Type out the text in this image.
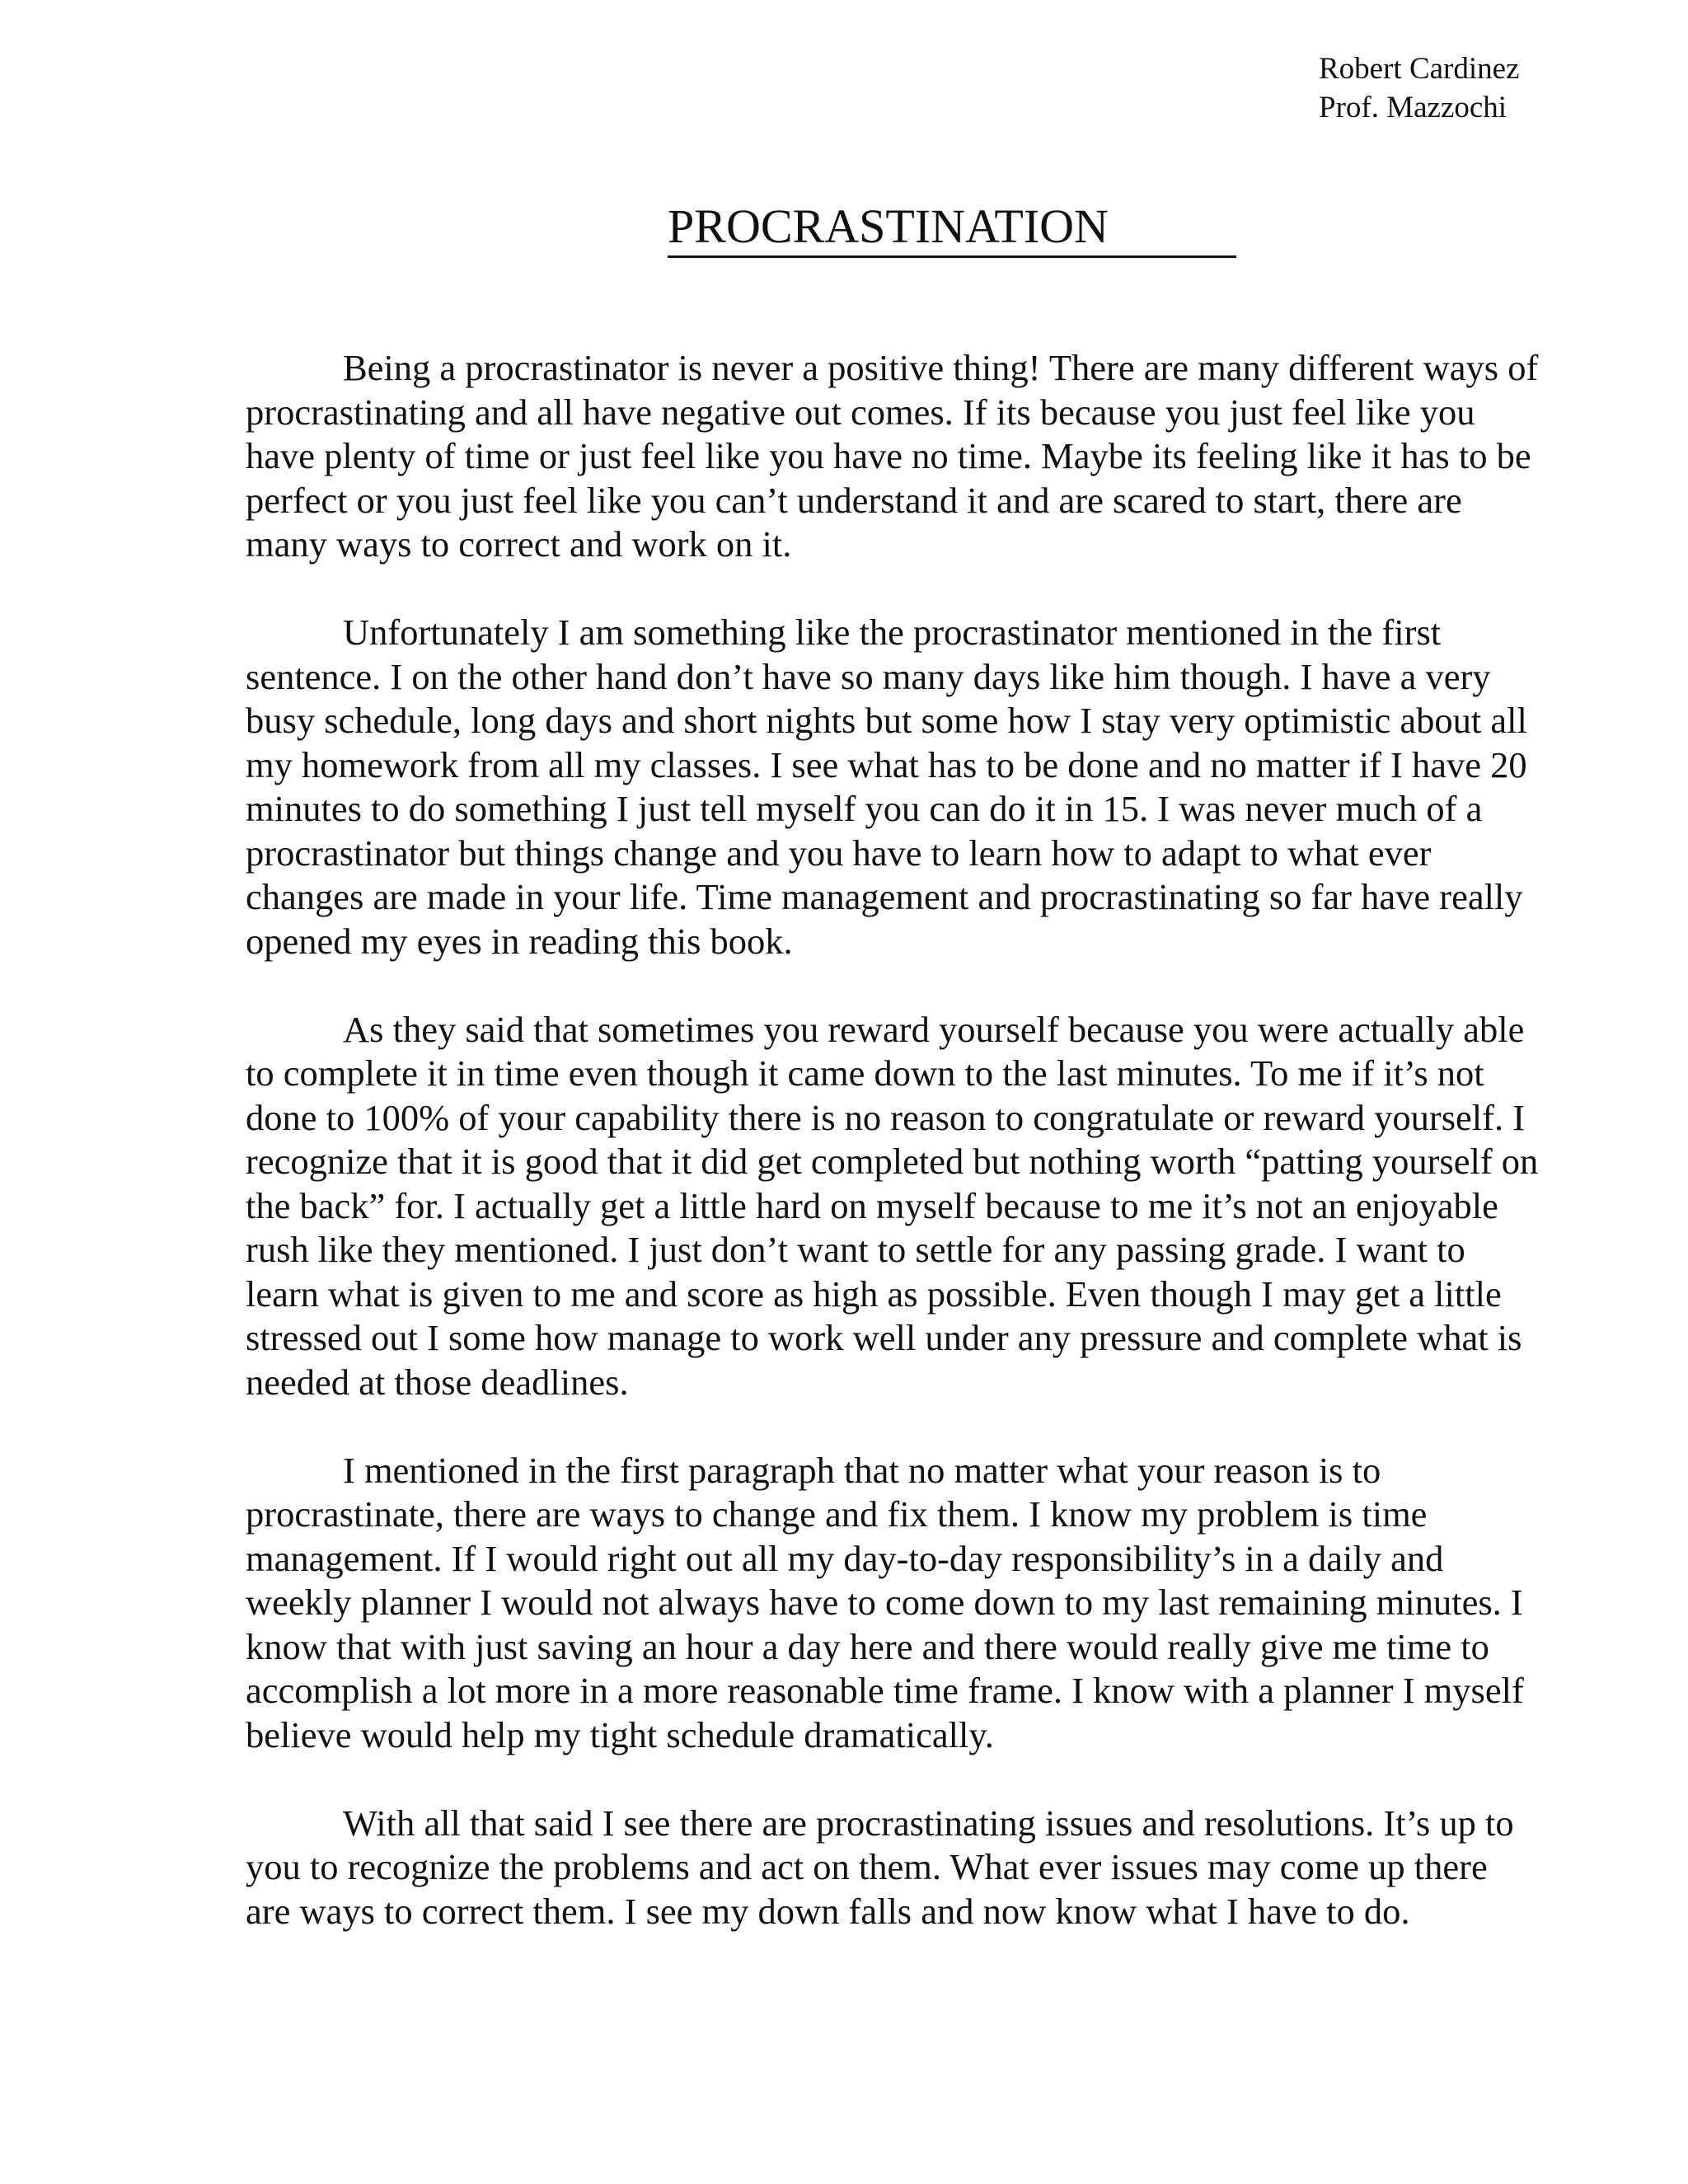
Robert Cardinez
Prof. Mazzochi
PROCRASTINATION

Being a procrastinator is never a positive thing! There are many different ways of procrastinating and all have negative out comes. If its because you just feel like you have plenty of time or just feel like you have no time. Maybe its feeling like it has to be perfect or you just feel like you can’t understand it and are scared to start, there are many ways to correct and work on it.

Unfortunately I am something like the procrastinator mentioned in the first sentence. I on the other hand don’t have so many days like him though. I have a very busy schedule, long days and short nights but some how I stay very optimistic about all my homework from all my classes. I see what has to be done and no matter if I have 20 minutes to do something I just tell myself you can do it in 15. I was never much of a procrastinator but things change and you have to learn how to adapt to what ever changes are made in your life. Time management and procrastinating so far have really opened my eyes in reading this book.

As they said that sometimes you reward yourself because you were actually able to complete it in time even though it came down to the last minutes. To me if it’s not done to 100% of your capability there is no reason to congratulate or reward yourself. I recognize that it is good that it did get completed but nothing worth “patting yourself on the back” for. I actually get a little hard on myself because to me it’s not an enjoyable rush like they mentioned. I just don’t want to settle for any passing grade. I want to learn what is given to me and score as high as possible. Even though I may get a little stressed out I some how manage to work well under any pressure and complete what is needed at those deadlines.

I mentioned in the first paragraph that no matter what your reason is to procrastinate, there are ways to change and fix them. I know my problem is time management. If I would right out all my day-to-day responsibility’s in a daily and weekly planner I would not always have to come down to my last remaining minutes. I know that with just saving an hour a day here and there would really give me time to accomplish a lot more in a more reasonable time frame. I know with a planner I myself believe would help my tight schedule dramatically.

With all that said I see there are procrastinating issues and resolutions. It’s up to you to recognize the problems and act on them. What ever issues may come up there are ways to correct them. I see my down falls and now know what I have to do.
